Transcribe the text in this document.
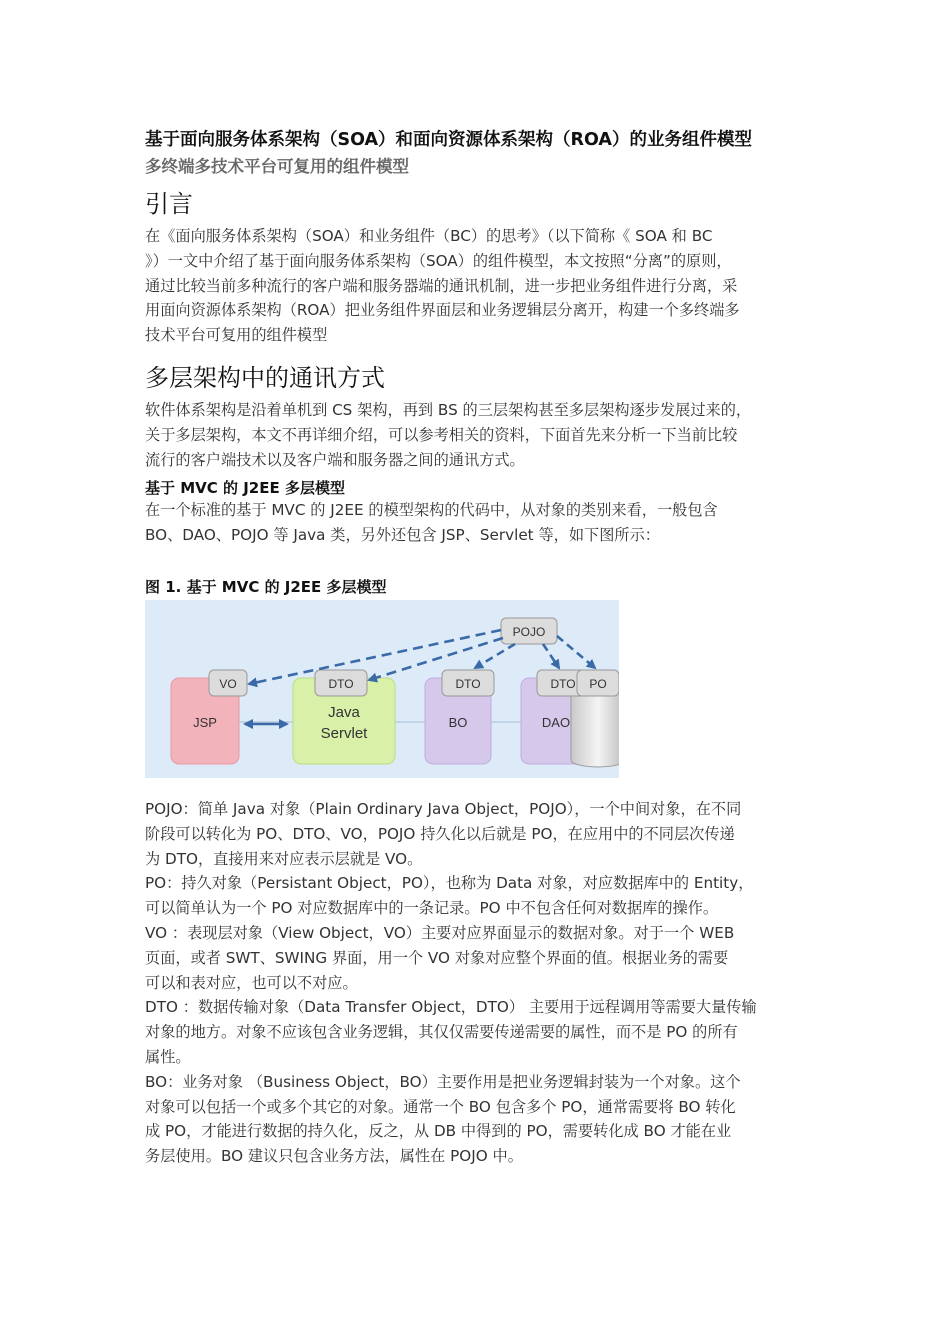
基于面向服务体系架构（SOA）和面向资源体系架构（ROA）的业务组件模型
多终端多技术平台可复用的组件模型
引言
在《面向服务体系架构（SOA）和业务组件（BC）的思考》（以下简称《 SOA 和 BC
》）一文中介绍了基于面向服务体系架构（SOA）的组件模型，本文按照“分离”的原则，
通过比较当前多种流行的客户端和服务器端的通讯机制，进一步把业务组件进行分离，采
用面向资源体系架构（ROA）把业务组件界面层和业务逻辑层分离开，构建一个多终端多
技术平台可复用的组件模型
多层架构中的通讯方式
软件体系架构是沿着单机到 CS 架构，再到 BS 的三层架构甚至多层架构逐步发展过来的，
关于多层架构，本文不再详细介绍，可以参考相关的资料，下面首先来分析一下当前比较
流行的客户端技术以及客户端和服务器之间的通讯方式。
基于 MVC 的 J2EE 多层模型
在一个标准的基于 MVC 的 J2EE 的模型架构的代码中，从对象的类别来看，一般包含
BO、DAO、POJO 等 Java 类，另外还包含 JSP、Servlet 等，如下图所示：
图 1. 基于 MVC 的 J2EE 多层模型
JSP
Java
Servlet
BO	DAO
POJO
VO	DTO	DTO	DTO PO
POJO：简单 Java 对象（Plain Ordinary Java Object，POJO），一个中间对象，在不同
阶段可以转化为 PO、DTO、VO，POJO 持久化以后就是 PO，在应用中的不同层次传递
为 DTO，直接用来对应表示层就是 VO。
PO：持久对象（Persistant Object，PO），也称为 Data 对象，对应数据库中的 Entity，
可以简单认为一个 PO 对应数据库中的一条记录。PO 中不包含任何对数据库的操作。
VO ：表现层对象（View Object，VO）主要对应界面显示的数据对象。对于一个 WEB
页面，或者 SWT、SWING 界面，用一个 VO 对象对应整个界面的值。根据业务的需要
可以和表对应，也可以不对应。
DTO ：数据传输对象（Data Transfer Object，DTO） 主要用于远程调用等需要大量传输
对象的地方。对象不应该包含业务逻辑，其仅仅需要传递需要的属性，而不是 PO 的所有
属性。
BO：业务对象 （Business Object，BO）主要作用是把业务逻辑封装为一个对象。这个
对象可以包括一个或多个其它的对象。通常一个 BO 包含多个 PO，通常需要将 BO 转化
成 PO，才能进行数据的持久化，反之，从 DB 中得到的 PO，需要转化成 BO 才能在业
务层使用。BO 建议只包含业务方法，属性在 POJO 中。
